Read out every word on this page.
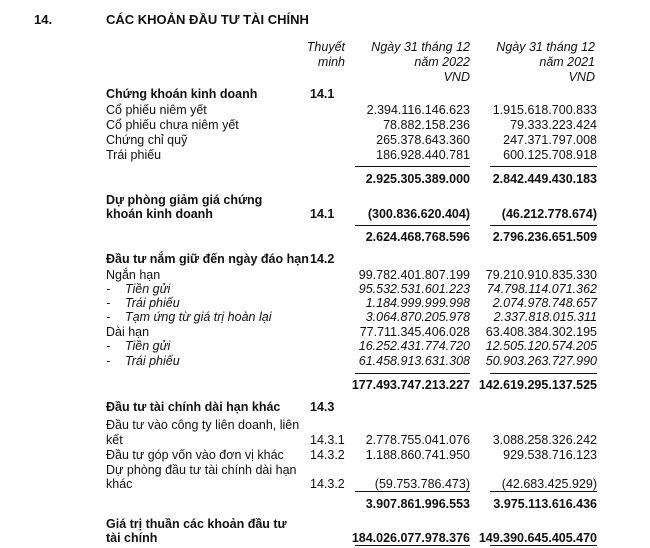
14.	CÁC KHOẢN ĐẦU TƯ TÀI CHÍNH
Thuyết
minh
Ngày 31 tháng 12
năm 2022
VND
Ngày 31 tháng 12
năm 2021
VND
Chứng khoán kinh doanh	14.1
Cổ phiếu niêm yết	2.394.116.146.623	1.915.618.700.833
Cổ phiếu chưa niêm yết	78.882.158.236	79.333.223.424
Chứng chỉ quỹ	265.378.643.360	247.371.797.008
Trái phiếu	186.928.440.781	600.125.708.918
2.925.305.389.000	2.842.449.430.183
Dự phòng giảm giá chứng
khoán kinh doanh	14.1	(300.836.620.404)	(46.212.778.674)
2.624.468.768.596	2.796.236.651.509
Đầu tư nắm giữ đến ngày đáo hạn 14.2
Ngắn hạn	99.782.401.807.199	79.210.910.835.330
- Tiền gửi	95.532.531.601.223	74.798.114.071.362
- Trái phiếu	1.184.999.999.998	2.074.978.748.657
- Tạm ứng từ giá trị hoàn lại	3.064.870.205.978	2.337.818.015.311
Dài hạn	77.711.345.406.028	63.408.384.302.195
- Tiền gửi	16.252.431.774.720	12.505.120.574.205
- Trái phiếu	61.458.913.631.308	50.903.263.727.990
177.493.747.213.227 142.619.295.137.525
Đầu tư tài chính dài hạn khác 14.3
Đầu tư vào công ty liên doanh, liên
kết	14.3.1	2.778.755.041.076	3.088.258.326.242
Đầu tư góp vốn vào đơn vị khác 14.3.2	1.188.860.741.950	929.538.716.123
Dự phòng đầu tư tài chính dài hạn
khác	14.3.2	(59.753.786.473)	(42.683.425.929)
3.907.861.996.553	3.975.113.616.436
Giá trị thuần các khoản đầu tư
tài chính	184.026.077.978.376 149.390.645.405.470
